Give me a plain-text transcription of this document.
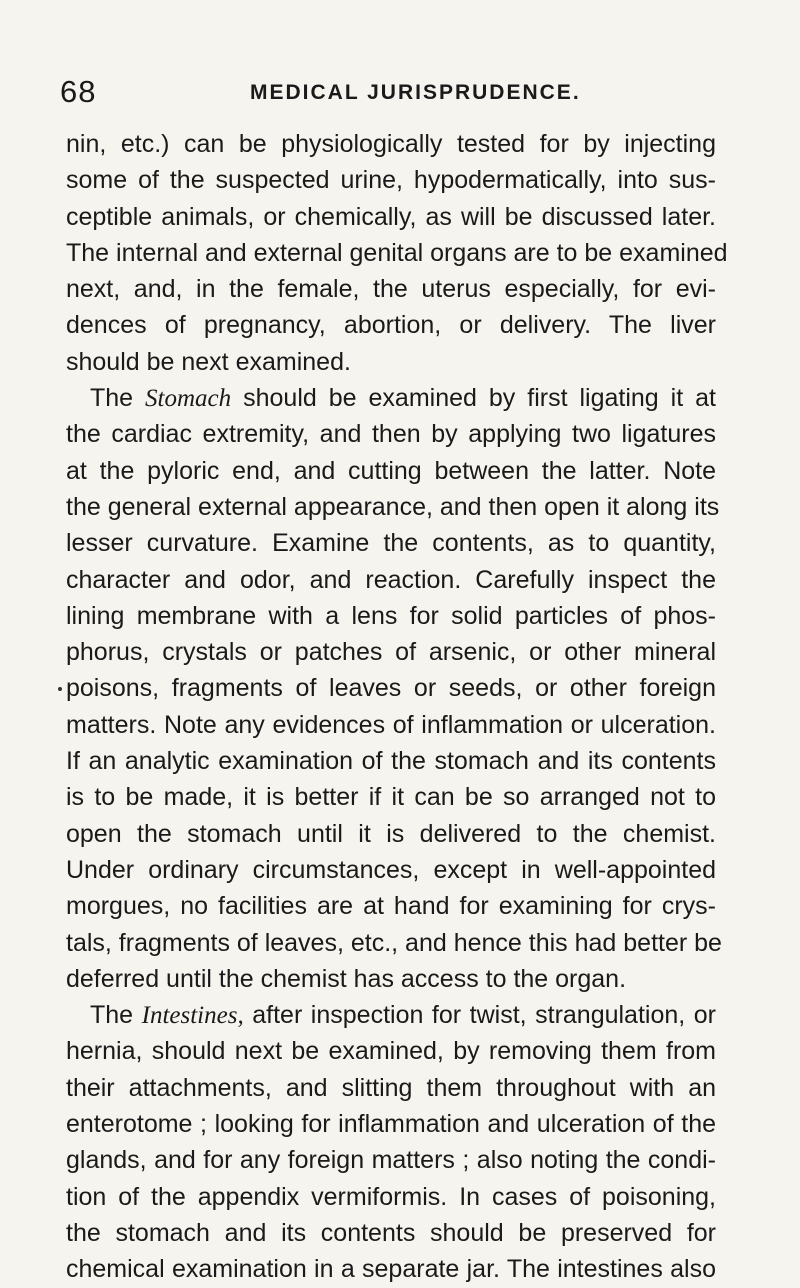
68	MEDICAL JURISPRUDENCE.
nin, etc.) can be physiologically tested for by injecting
some of the suspected urine, hypodermatically, into sus-
ceptible animals, or chemically, as will be discussed later.
The internal and external genital organs are to be examined
next, and, in the female, the uterus especially, for evi-
dences of pregnancy, abortion, or delivery. The liver
should be next examined.
The Stomach should be examined by first ligating it at
the cardiac extremity, and then by applying two ligatures
at the pyloric end, and cutting between the latter. Note
the general external appearance, and then open it along its
lesser curvature. Examine the contents, as to quantity,
character and odor, and reaction. Carefully inspect the
lining membrane with a lens for solid particles of phos-
phorus, crystals or patches of arsenic, or other mineral
poisons, fragments of leaves or seeds, or other foreign
matters. Note any evidences of inflammation or ulceration.
If an analytic examination of the stomach and its contents
is to be made, it is better if it can be so arranged not to
open the stomach until it is delivered to the chemist.
Under ordinary circumstances, except in well-appointed
morgues, no facilities are at hand for examining for crys-
tals, fragments of leaves, etc., and hence this had better be
deferred until the chemist has access to the organ.
The Intestines, after inspection for twist, strangulation, or
hernia, should next be examined, by removing them from
their attachments, and slitting them throughout with an
enterotome ; looking for inflammation and ulceration of the
glands, and for any foreign matters ; also noting the condi-
tion of the appendix vermiformis. In cases of poisoning,
the stomach and its contents should be preserved for
chemical examination in a separate jar. The intestines also
